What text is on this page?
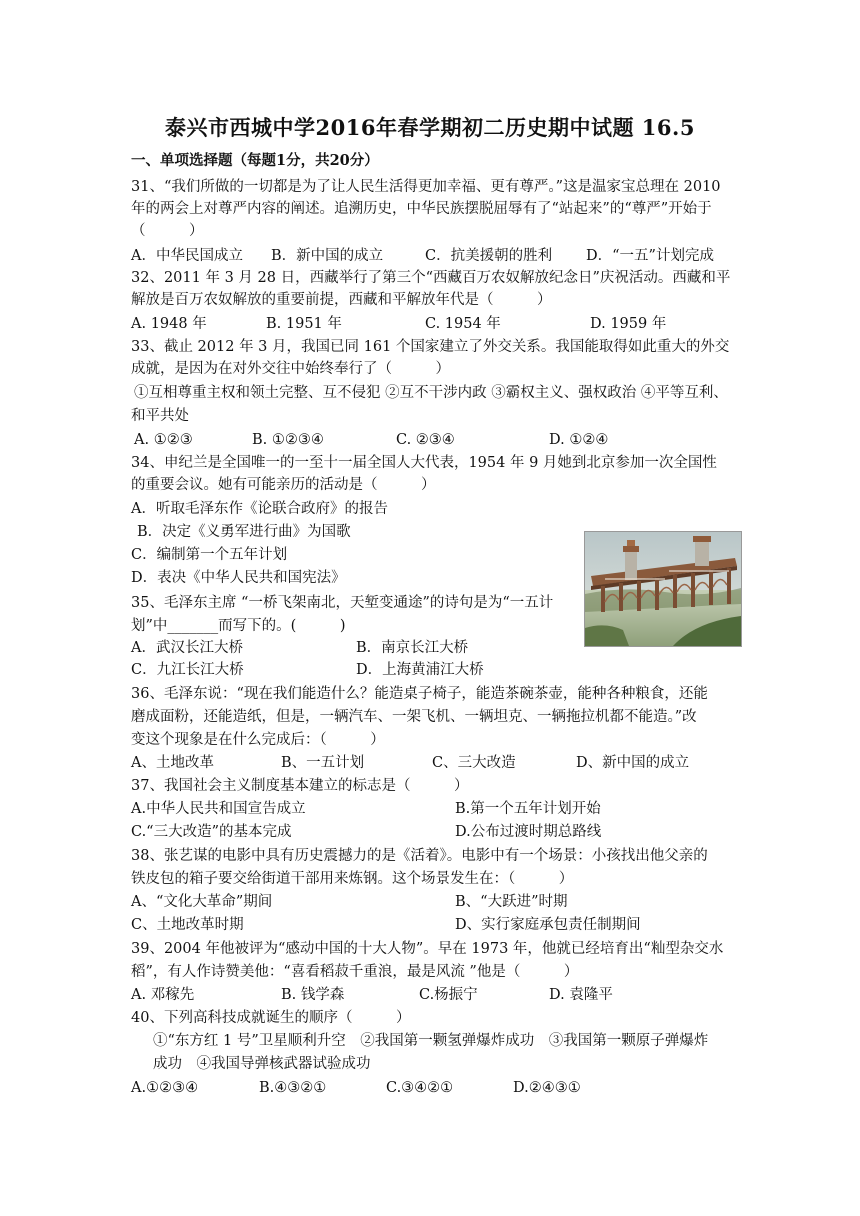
泰兴市西城中学2016年春学期初二历史期中试题 16.5
一、单项选择题（每题1分，共20分）
31、“我们所做的一切都是为了让人民生活得更加幸福、更有尊严。”这是温家宝总理在 2010
年的两会上对尊严内容的阐述。追溯历史，中华民族摆脱屈辱有了“站起来”的“尊严”开始于
（　　　）
A．中华民国成立 B．新中国的成立	C．抗美援朝的胜利 D．“一五”计划完成
32、2011 年 3 月 28 日，西藏举行了第三个“西藏百万农奴解放纪念日”庆祝活动。西藏和平
解放是百万农奴解放的重要前提，西藏和平解放年代是（　　　）
A. 1948 年	B. 1951 年	C. 1954 年	D. 1959 年
33、截止 2012 年 3 月，我国已同 161 个国家建立了外交关系。我国能取得如此重大的外交
成就，是因为在对外交往中始终奉行了（　　　）
①互相尊重主权和领土完整、互不侵犯 ②互不干涉内政 ③霸权主义、强权政治 ④平等互利、
和平共处
A. ①②③	B. ①②③④	C. ②③④	D. ①②④
34、申纪兰是全国唯一的一至十一届全国人大代表，1954 年 9 月她到北京参加一次全国性
的重要会议。她有可能亲历的活动是（　　　）
A．听取毛泽东作《论联合政府》的报告
B．决定《义勇军进行曲》为国歌
C．编制第一个五年计划
D．表决《中华人民共和国宪法》
35、毛泽东主席 “一桥飞架南北，天堑变通途”的诗句是为“一五计
划”中_______而写下的。(　　　)
A．武汉长江大桥	B．南京长江大桥
C．九江长江大桥	D．上海黄浦江大桥
36、毛泽东说：“现在我们能造什么？能造桌子椅子，能造茶碗茶壶，能种各种粮食，还能
磨成面粉，还能造纸，但是，一辆汽车、一架飞机、一辆坦克、一辆拖拉机都不能造。”改
变这个现象是在什么完成后：（　　　）
A、土地改革	B、一五计划	C、三大改造	D、新中国的成立
37、我国社会主义制度基本建立的标志是（　　　）
A.中华人民共和国宣告成立	B.第一个五年计划开始
C.“三大改造”的基本完成	D.公布过渡时期总路线
38、张艺谋的电影中具有历史震撼力的是《活着》。电影中有一个场景：小孩找出他父亲的
铁皮包的箱子要交给街道干部用来炼钢。这个场景发生在：（　　　）
A、“文化大革命”期间	B、“大跃进”时期
C、土地改革时期	D、实行家庭承包责任制期间
39、2004 年他被评为“感动中国的十大人物”。早在 1973 年，他就已经培育出“籼型杂交水
稻”，有人作诗赞美他：“喜看稻菽千重浪，最是风流 ”他是（　　　）
A. 邓稼先	B. 钱学森	C.杨振宁	D. 袁隆平
40、下列高科技成就诞生的顺序（　　　）
①“东方红 1 号”卫星顺利升空　②我国第一颗氢弹爆炸成功　③我国第一颗原子弹爆炸
成功　④我国导弹核武器试验成功
A.①②③④	B.④③②①	C.③④②①	D.②④③①
